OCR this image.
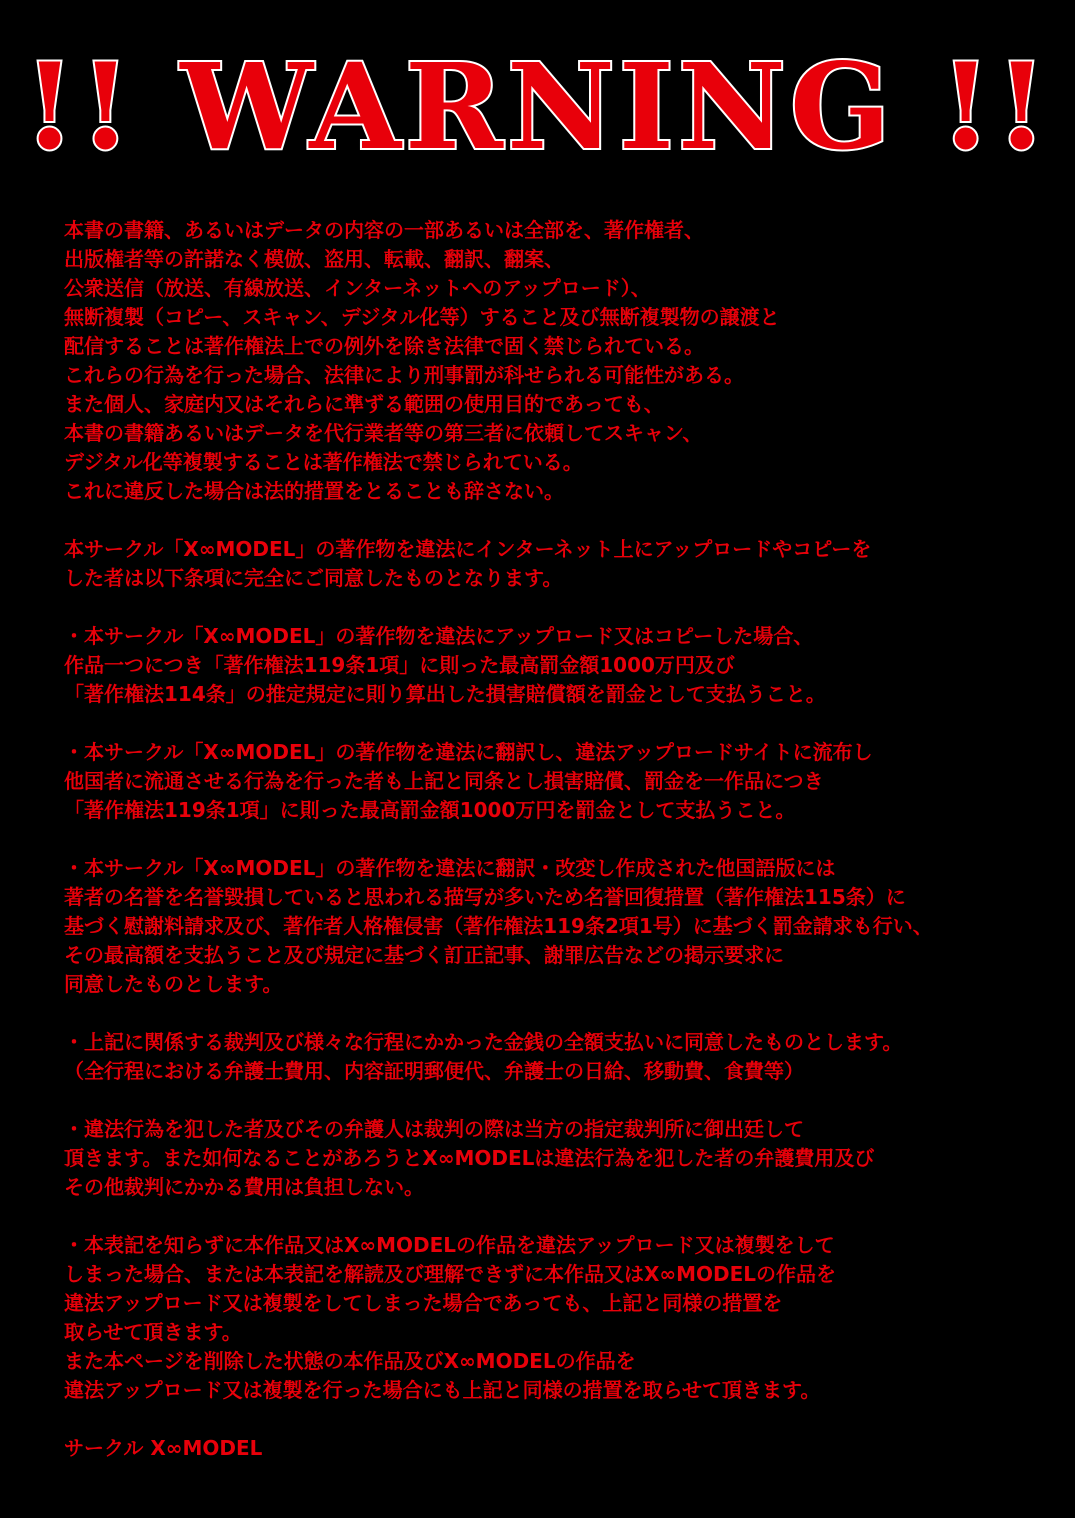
!! WARNING !!
本書の書籍、あるいはデータの内容の一部あるいは全部を、著作権者、
出版権者等の許諾なく模倣、盗用、転載、翻訳、翻案、
公衆送信（放送、有線放送、インターネットへのアップロード）、
無断複製（コピー、スキャン、デジタル化等）すること及び無断複製物の譲渡と
配信することは著作権法上での例外を除き法律で固く禁じられている。
これらの行為を行った場合、法律により刑事罰が科せられる可能性がある。
また個人、家庭内又はそれらに準ずる範囲の使用目的であっても、
本書の書籍あるいはデータを代行業者等の第三者に依頼してスキャン、
デジタル化等複製することは著作権法で禁じられている。
これに違反した場合は法的措置をとることも辞さない。
本サークル「X∞MODEL」の著作物を違法にインターネット上にアップロードやコピーを
した者は以下条項に完全にご同意したものとなります。
・本サークル「X∞MODEL」の著作物を違法にアップロード又はコピーした場合、
作品一つにつき「著作権法119条1項」に則った最高罰金額1000万円及び
「著作権法114条」の推定規定に則り算出した損害賠償額を罰金として支払うこと。
・本サークル「X∞MODEL」の著作物を違法に翻訳し、違法アップロードサイトに流布し
他国者に流通させる行為を行った者も上記と同条とし損害賠償、罰金を一作品につき
「著作権法119条1項」に則った最高罰金額1000万円を罰金として支払うこと。
・本サークル「X∞MODEL」の著作物を違法に翻訳・改変し作成された他国語版には
著者の名誉を名誉毀損していると思われる描写が多いため名誉回復措置（著作権法115条）に
基づく慰謝料請求及び、著作者人格権侵害（著作権法119条2項1号）に基づく罰金請求も行い、
その最高額を支払うこと及び規定に基づく訂正記事、謝罪広告などの掲示要求に
同意したものとします。
・上記に関係する裁判及び様々な行程にかかった金銭の全額支払いに同意したものとします。
（全行程における弁護士費用、内容証明郵便代、弁護士の日給、移動費、食費等）
・違法行為を犯した者及びその弁護人は裁判の際は当方の指定裁判所に御出廷して
頂きます。また如何なることがあろうとX∞MODELは違法行為を犯した者の弁護費用及び
その他裁判にかかる費用は負担しない。
・本表記を知らずに本作品又はX∞MODELの作品を違法アップロード又は複製をして
しまった場合、または本表記を解読及び理解できずに本作品又はX∞MODELの作品を
違法アップロード又は複製をしてしまった場合であっても、上記と同様の措置を
取らせて頂きます。
また本ページを削除した状態の本作品及びX∞MODELの作品を
違法アップロード又は複製を行った場合にも上記と同様の措置を取らせて頂きます。

サークル X∞MODEL
